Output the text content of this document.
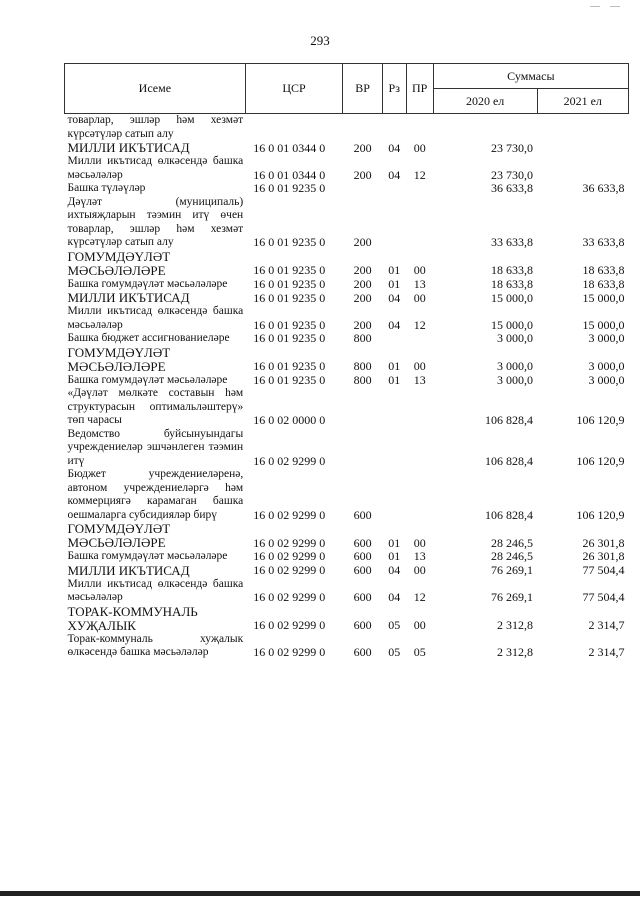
293
Исеме	ЦСР	ВР	Рз	ПР	Суммасы	
					2020 ел	2021 ел
товарлар, эшләр һәм хезмәт күрсәтүләр сатып алу						
МИЛЛИ ИКЪТИСАД	16 0 01 0344 0	200	04	00	23 730,0	
Милли икътисад өлкәсендә башка мәсьәләләр	16 0 01 0344 0	200	04	12	23 730,0	
Башка түләүләр	16 0 01 9235 0				36 633,8	36 633,8
Дәүләт (муниципаль) ихтыяҗларын тәэмин итү өчен товарлар, эшләр һәм хезмәт күрсәтүләр сатып алу	16 0 01 9235 0	200			33 633,8	33 633,8
ГОМУМДӘҮЛӘТ МӘСЬӘЛӘЛӘРЕ	16 0 01 9235 0	200	01	00	18 633,8	18 633,8
Башка гомумдәүләт мәсьәләләре	16 0 01 9235 0	200	01	13	18 633,8	18 633,8
МИЛЛИ ИКЪТИСАД	16 0 01 9235 0	200	04	00	15 000,0	15 000,0
Милли икътисад өлкәсендә башка мәсьәләләр	16 0 01 9235 0	200	04	12	15 000,0	15 000,0
Башка бюджет ассигнованиеләре	16 0 01 9235 0	800			3 000,0	3 000,0
ГОМУМДӘҮЛӘТ МӘСЬӘЛӘЛӘРЕ	16 0 01 9235 0	800	01	00	3 000,0	3 000,0
Башка гомумдәүләт мәсьәләләре	16 0 01 9235 0	800	01	13	3 000,0	3 000,0
«Дәүләт мөлкәте составын һәм структурасын оптимальләштерү» төп чарасы	16 0 02 0000 0				106 828,4	106 120,9
Ведомство буйсынуындагы учреждениеләр эшчәнлеген тәэмин итү	16 0 02 9299 0				106 828,4	106 120,9
Бюджет учреждениеләренә, автоном учреждениеләргә һәм коммерциягә карамаган башка оешмаларга субсидияләр бирү	16 0 02 9299 0	600			106 828,4	106 120,9
ГОМУМДӘҮЛӘТ МӘСЬӘЛӘЛӘРЕ	16 0 02 9299 0	600	01	00	28 246,5	26 301,8
Башка гомумдәүләт мәсьәләләре	16 0 02 9299 0	600	01	13	28 246,5	26 301,8
МИЛЛИ ИКЪТИСАД	16 0 02 9299 0	600	04	00	76 269,1	77 504,4
Милли икътисад өлкәсендә башка мәсьәләләр	16 0 02 9299 0	600	04	12	76 269,1	77 504,4
ТОРАК-КОММУНАЛЬ ХУҖАЛЫК	16 0 02 9299 0	600	05	00	2 312,8	2 314,7
Торак-коммуналь хуҗалык өлкәсендә башка мәсьәләләр	16 0 02 9299 0	600	05	05	2 312,8	2 314,7
